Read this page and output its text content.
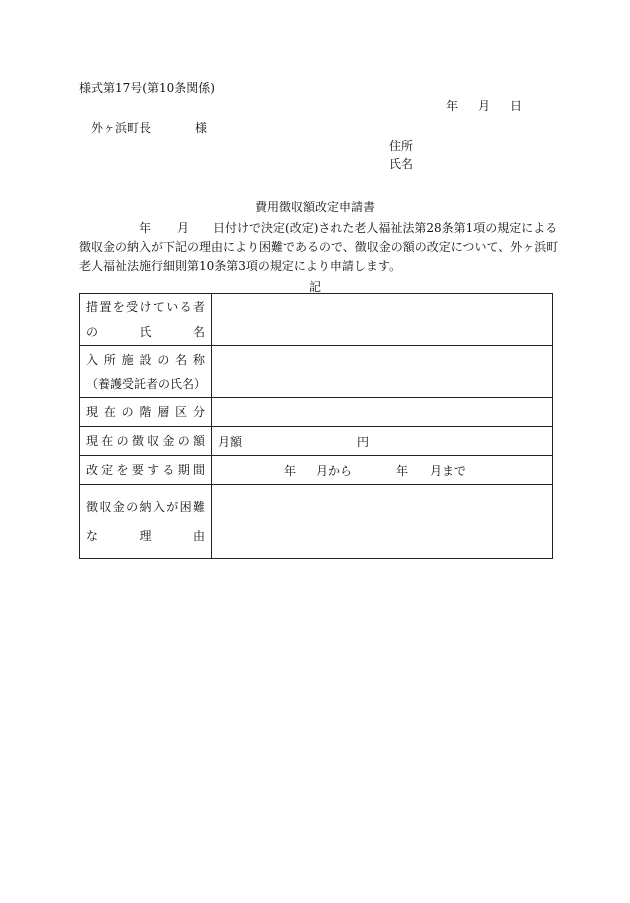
様式第17号(第10条関係)
年 月 日
外ヶ浜町長	様
住所
氏名
費用徴収額改定申請書
年 月 日付けで決定(改定)された老人福祉法第28条第1項の規定による
徴収金の納入が下記の理由により困難であるので、徴収金の額の改定について、外ヶ浜町
老人福祉法施行細則第10条第3項の規定により申請します。
記
措置を受けている者
の　氏　名	

入所施設の名称
（養護受託者の氏名）	

現在の階層区分	

現在の徴収金の額	月額 円

改定を要する期間	年 月から 年 月まで

徴収金の納入が困難
な　理　由	
